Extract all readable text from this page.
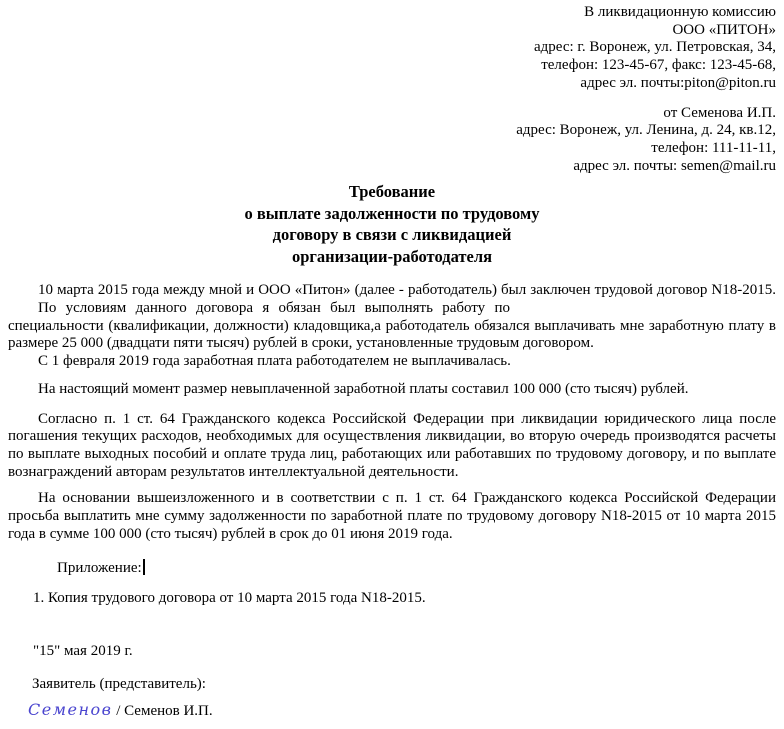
В ликвидационную комиссию
ООО «ПИТОН»
адрес: г. Воронеж, ул. Петровская, 34,
телефон: 123-45-67, факс: 123-45-68,
адрес эл. почты:piton@piton.ru
от Семенова И.П.
адрес: Воронеж, ул. Ленина, д. 24, кв.12,
телефон: 111-11-11,
адрес эл. почты: semen@mail.ru
Требование
о выплате задолженности по трудовому
договору в связи с ликвидацией
организации-работодателя
10 марта 2015 года между мной и ООО «Питон» (далее - работодатель) был заключен трудовой договор N18-2015.
По условиям данного договора я обязан был выполнять работу по
специальности (квалификации, должности) кладовщика,а работодатель обязался выплачивать мне заработную плату в размере 25 000 (двадцати пяти тысяч) рублей в сроки, установленные трудовым договором.
С 1 февраля 2019 года заработная плата работодателем не выплачивалась.
На настоящий момент размер невыплаченной заработной платы составил 100 000 (сто тысяч) рублей.
Согласно п. 1 ст. 64 Гражданского кодекса Российской Федерации при ликвидации юридического лица после погашения текущих расходов, необходимых для осуществления ликвидации, во вторую очередь производятся расчеты по выплате выходных пособий и оплате труда лиц, работающих или работавших по трудовому договору, и по выплате вознаграждений авторам результатов интеллектуальной деятельности.
На основании вышеизложенного и в соответствии с п. 1 ст. 64 Гражданского кодекса Российской Федерации просьба выплатить мне сумму задолженности по заработной плате по трудовому договору N18-2015 от 10 марта 2015 года в сумме 100 000 (сто тысяч) рублей в срок до 01 июня 2019 года.
Приложение:
1. Копия трудового договора от 10 марта 2015 года N18-2015.
"15" мая 2019 г.
Заявитель (представитель):
Семенов / Семенов И.П.
